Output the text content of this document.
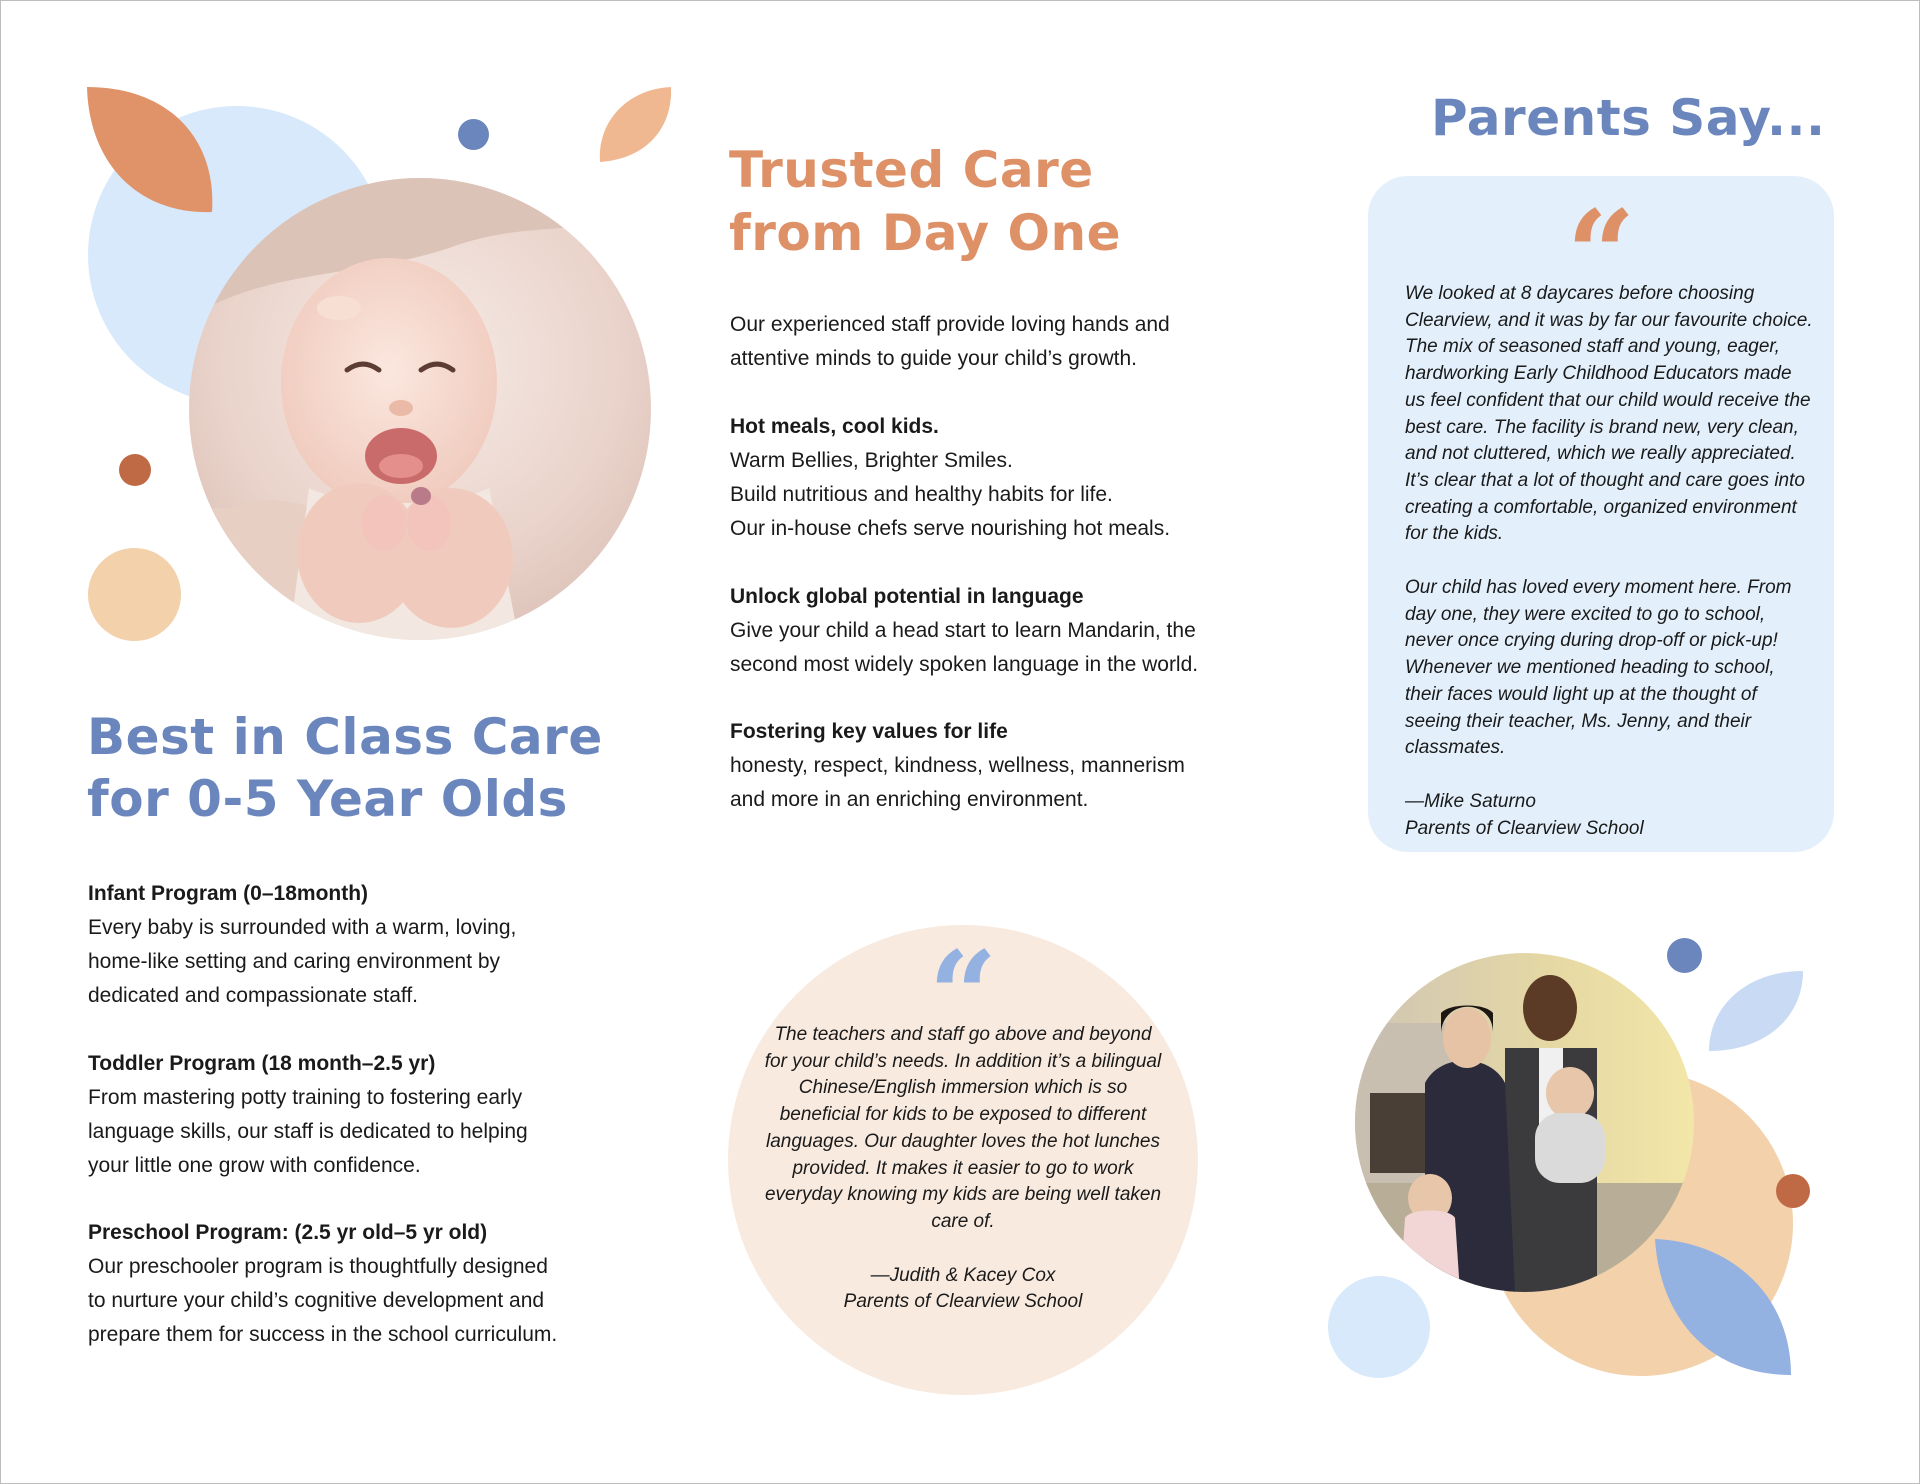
Best in Class Care
for 0-5 Year Olds
Infant Program (0–18month)
Every baby is surrounded with a warm, loving, home-like setting and caring environment by dedicated and compassionate staff.
Toddler Program (18 month–2.5 yr)
From mastering potty training to fostering early language skills, our staff is dedicated to helping your little one grow with confidence.
Preschool Program: (2.5 yr old–5 yr old)
Our preschooler program is thoughtfully designed to nurture your child’s cognitive development and prepare them for success in the school curriculum.
Trusted Care
from Day One
Our experienced staff provide loving hands and attentive minds to guide your child’s growth.
Hot meals, cool kids.
Warm Bellies, Brighter Smiles.
Build nutritious and healthy habits for life.
Our in-house chefs serve nourishing hot meals.
Unlock global potential in language
Give your child a head start to learn Mandarin, the second most widely spoken language in the world.
Fostering key values for life
honesty, respect, kindness, wellness, mannerism and more in an enriching environment.
“
The teachers and staff go above and beyond for your child’s needs. In addition it’s a bilingual Chinese/English immersion which is so beneficial for kids to be exposed to different languages. Our daughter loves the hot lunches provided. It makes it easier to go to work everyday knowing my kids are being well taken care of.
—Judith & Kacey Cox
Parents of Clearview School
Parents Say...
“
We looked at 8 daycares before choosing Clearview, and it was by far our favourite choice. The mix of seasoned staff and young, eager, hardworking Early Childhood Educators made us feel confident that our child would receive the best care. The facility is brand new, very clean, and not cluttered, which we really appreciated. It’s clear that a lot of thought and care goes into creating a comfortable, organized environment for the kids.
Our child has loved every moment here. From day one, they were excited to go to school, never once crying during drop-off or pick-up! Whenever we mentioned heading to school, their faces would light up at the thought of seeing their teacher, Ms. Jenny, and their classmates.
—Mike Saturno
Parents of Clearview School
